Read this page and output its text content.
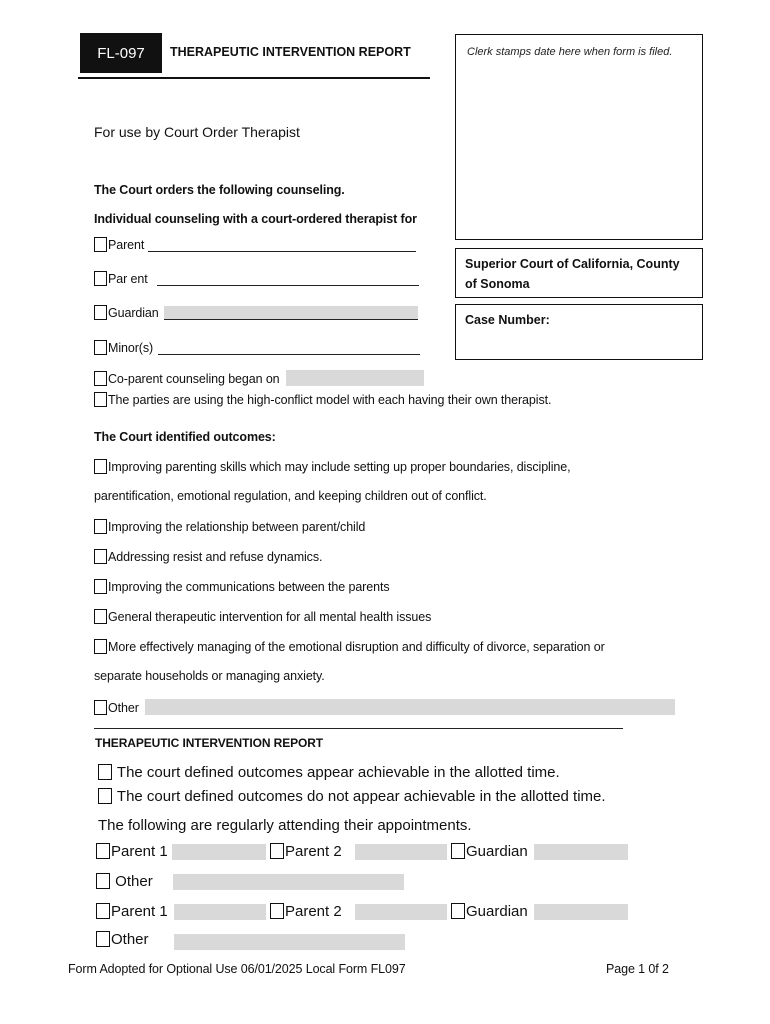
FL-097 THERAPEUTIC INTERVENTION REPORT	Clerk stamps date here when form is filed.
Superior Court of California, County of Sonoma
Case Number:
For use by Court Order Therapist
The Court orders the following counseling.
Individual counseling with a court-ordered therapist for
Parent
Par ent
Guardian
Minor(s)
Co-parent counseling began on
The parties are using the high-conflict model with each having their own therapist.
The Court identified outcomes:
Improving parenting skills which may include setting up proper boundaries, discipline,
parentification, emotional regulation, and keeping children out of conflict.
Improving the relationship between parent/child
Addressing resist and refuse dynamics.
Improving the communications between the parents
General therapeutic intervention for all mental health issues
More effectively managing of the emotional disruption and difficulty of divorce, separation or
separate households or managing anxiety.
Other
THERAPEUTIC INTERVENTION REPORT
The court defined outcomes appear achievable in the allotted time.
The court defined outcomes do not appear achievable in the allotted time.
The following are regularly attending their appointments.
Parent 1	Parent 2	Guardian
Other
Parent 1	Parent 2	Guardian
Other
Form Adopted for Optional Use 06/01/2025 Local Form FL097	Page 1 0f 2
